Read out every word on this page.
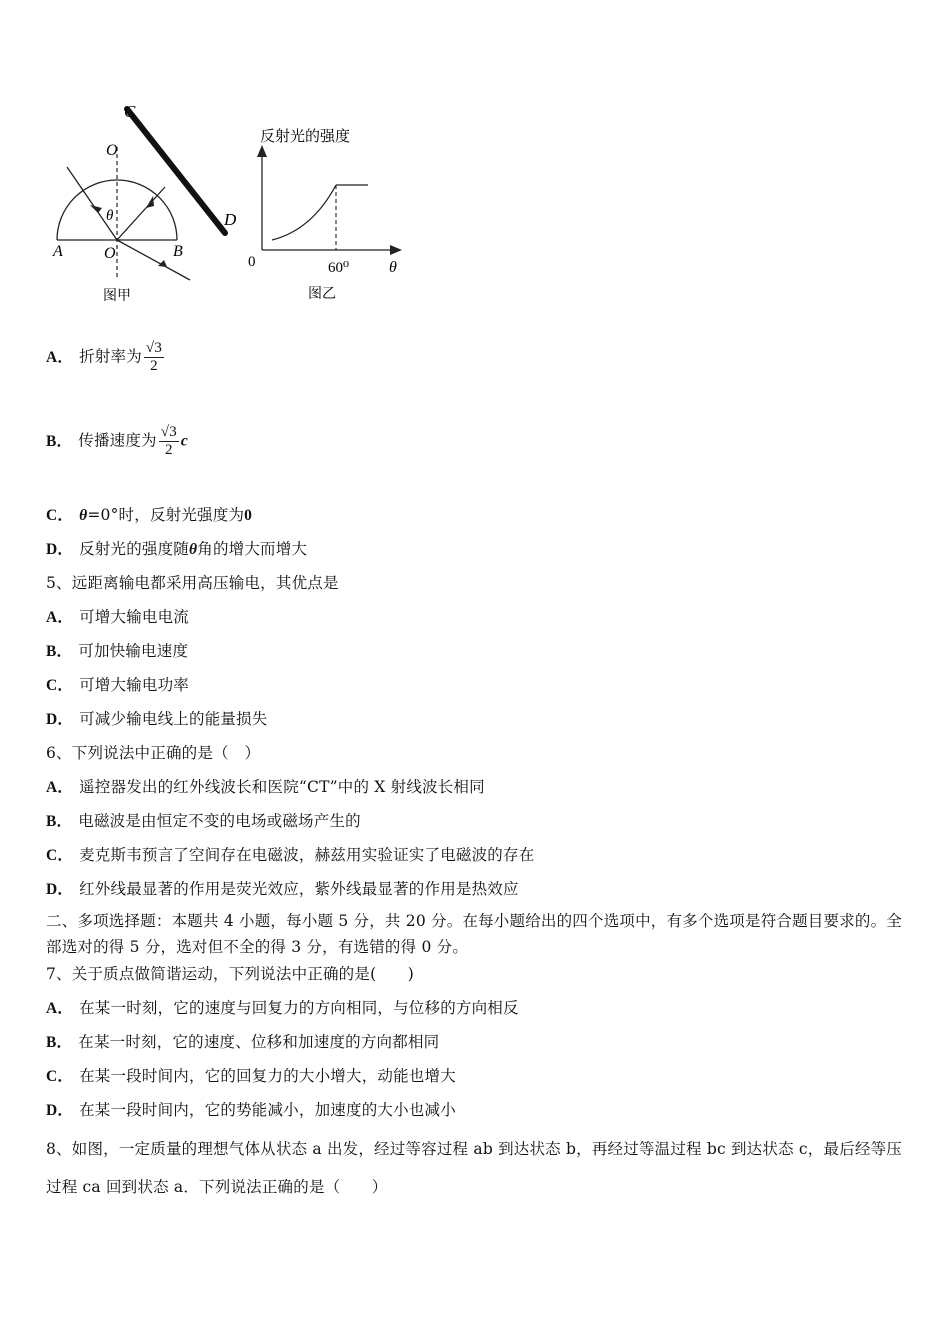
C
O
θ	D
A	O	B
图甲
反射光的强度
0	60⁰ θ
图乙
A． 折射率为 $\frac{√3}{2}$
B． 传播速度为 $\frac{√3}{2}$ c
C． θ=0°时，反射光强度为0
D． 反射光的强度随θ角的增大而增大
5、远距离输电都采用高压输电，其优点是
A． 可增大输电电流
B． 可加快输电速度
C． 可增大输电功率
D． 可减少输电线上的能量损失
6、下列说法中正确的是（　）
A． 遥控器发出的红外线波长和医院“CT”中的 X 射线波长相同
B． 电磁波是由恒定不变的电场或磁场产生的
C． 麦克斯韦预言了空间存在电磁波，赫兹用实验证实了电磁波的存在
D． 红外线最显著的作用是荧光效应，紫外线最显著的作用是热效应
二、多项选择题：本题共 4 小题，每小题 5 分，共 20 分。在每小题给出的四个选项中，有多个选项是符合题目要求的。全部选对的得 5 分，选对但不全的得 3 分，有选错的得 0 分。
7、关于质点做简谐运动，下列说法中正确的是(　　)
A． 在某一时刻，它的速度与回复力的方向相同，与位移的方向相反
B． 在某一时刻，它的速度、位移和加速度的方向都相同
C． 在某一段时间内，它的回复力的大小增大，动能也增大
D． 在某一段时间内，它的势能减小，加速度的大小也减小
8、如图，一定质量的理想气体从状态 a 出发，经过等容过程 ab 到达状态 b，再经过等温过程 bc 到达状态 c，最后经等压过程 ca 回到状态 a．下列说法正确的是（　　）
